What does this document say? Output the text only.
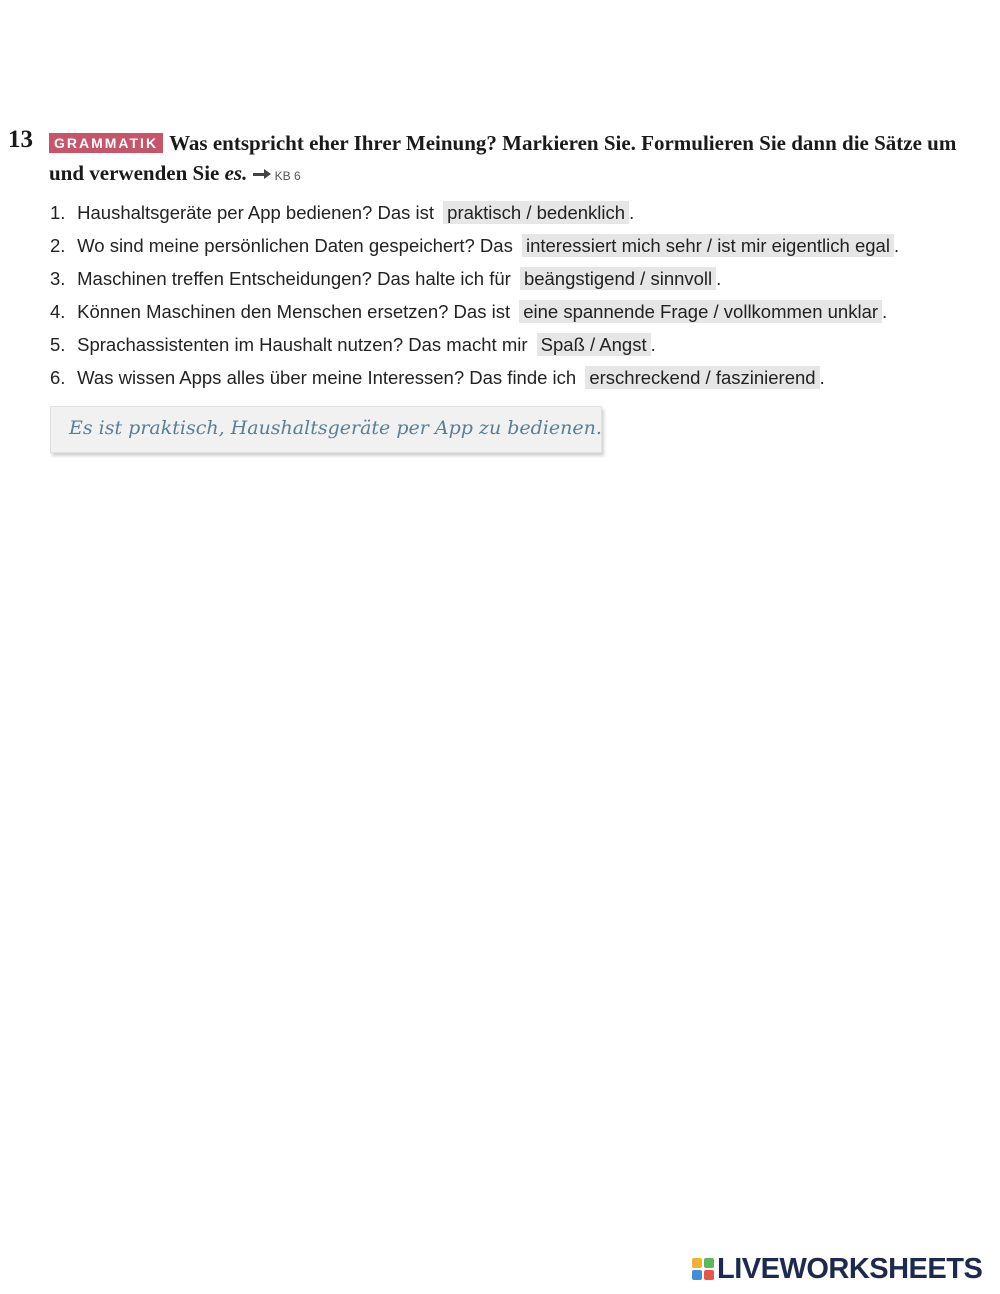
13	GRAMMATIK Was entspricht eher Ihrer Meinung? Markieren Sie. Formulieren Sie dann die Sätze um und verwenden Sie es. KB 6
1. Haushaltsgeräte per App bedienen? Das ist praktisch / bedenklich .
2. Wo sind meine persönlichen Daten gespeichert? Das interessiert mich sehr / ist mir eigentlich egal .
3. Maschinen treffen Entscheidungen? Das halte ich für beängstigend / sinnvoll .
4. Können Maschinen den Menschen ersetzen? Das ist eine spannende Frage / vollkommen unklar .
5. Sprachassistenten im Haushalt nutzen? Das macht mir Spaß / Angst .
6. Was wissen Apps alles über meine Interessen? Das finde ich erschreckend / faszinierend .
Es ist praktisch, Haushaltsgeräte per App zu bedienen.
LIVEWORKSHEETS
